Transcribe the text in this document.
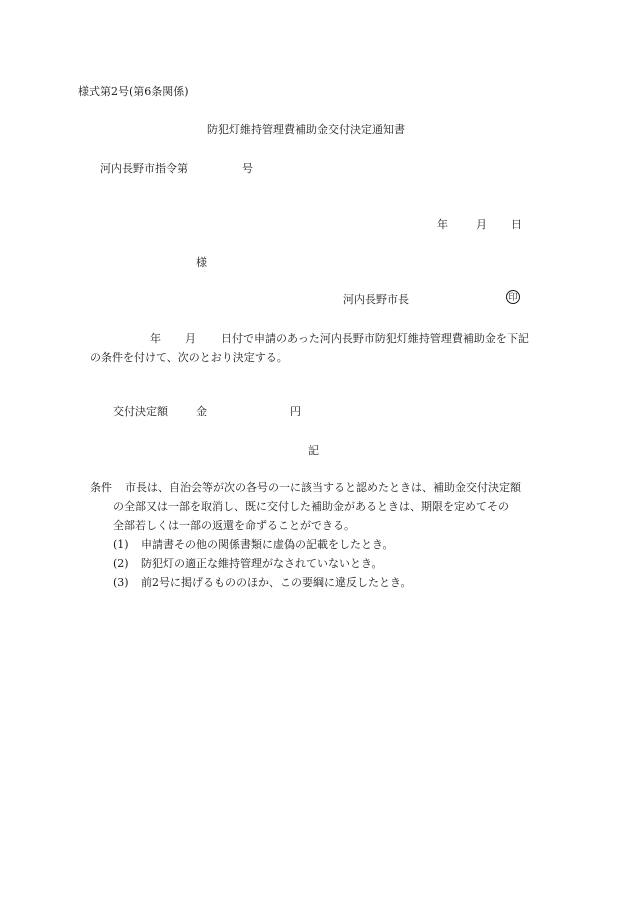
様式第2号(第6条関係)
防犯灯維持管理費補助金交付決定通知書
河内長野市指令第	号
年	月 日
様
河内長野市長	印
年 月 日付で申請のあった河内長野市防犯灯維持管理費補助金を下記
の条件を付けて、次のとおり決定する。
交付決定額	金	円
記
条件 市長は、自治会等が次の各号の一に該当すると認めたときは、補助金交付決定額
の全部又は一部を取消し、既に交付した補助金があるときは、期限を定めてその
全部若しくは一部の返還を命ずることができる。
(1) 申請書その他の関係書類に虚偽の記載をしたとき。
(2) 防犯灯の適正な維持管理がなされていないとき。
(3) 前2号に掲げるもののほか、この要綱に違反したとき。
